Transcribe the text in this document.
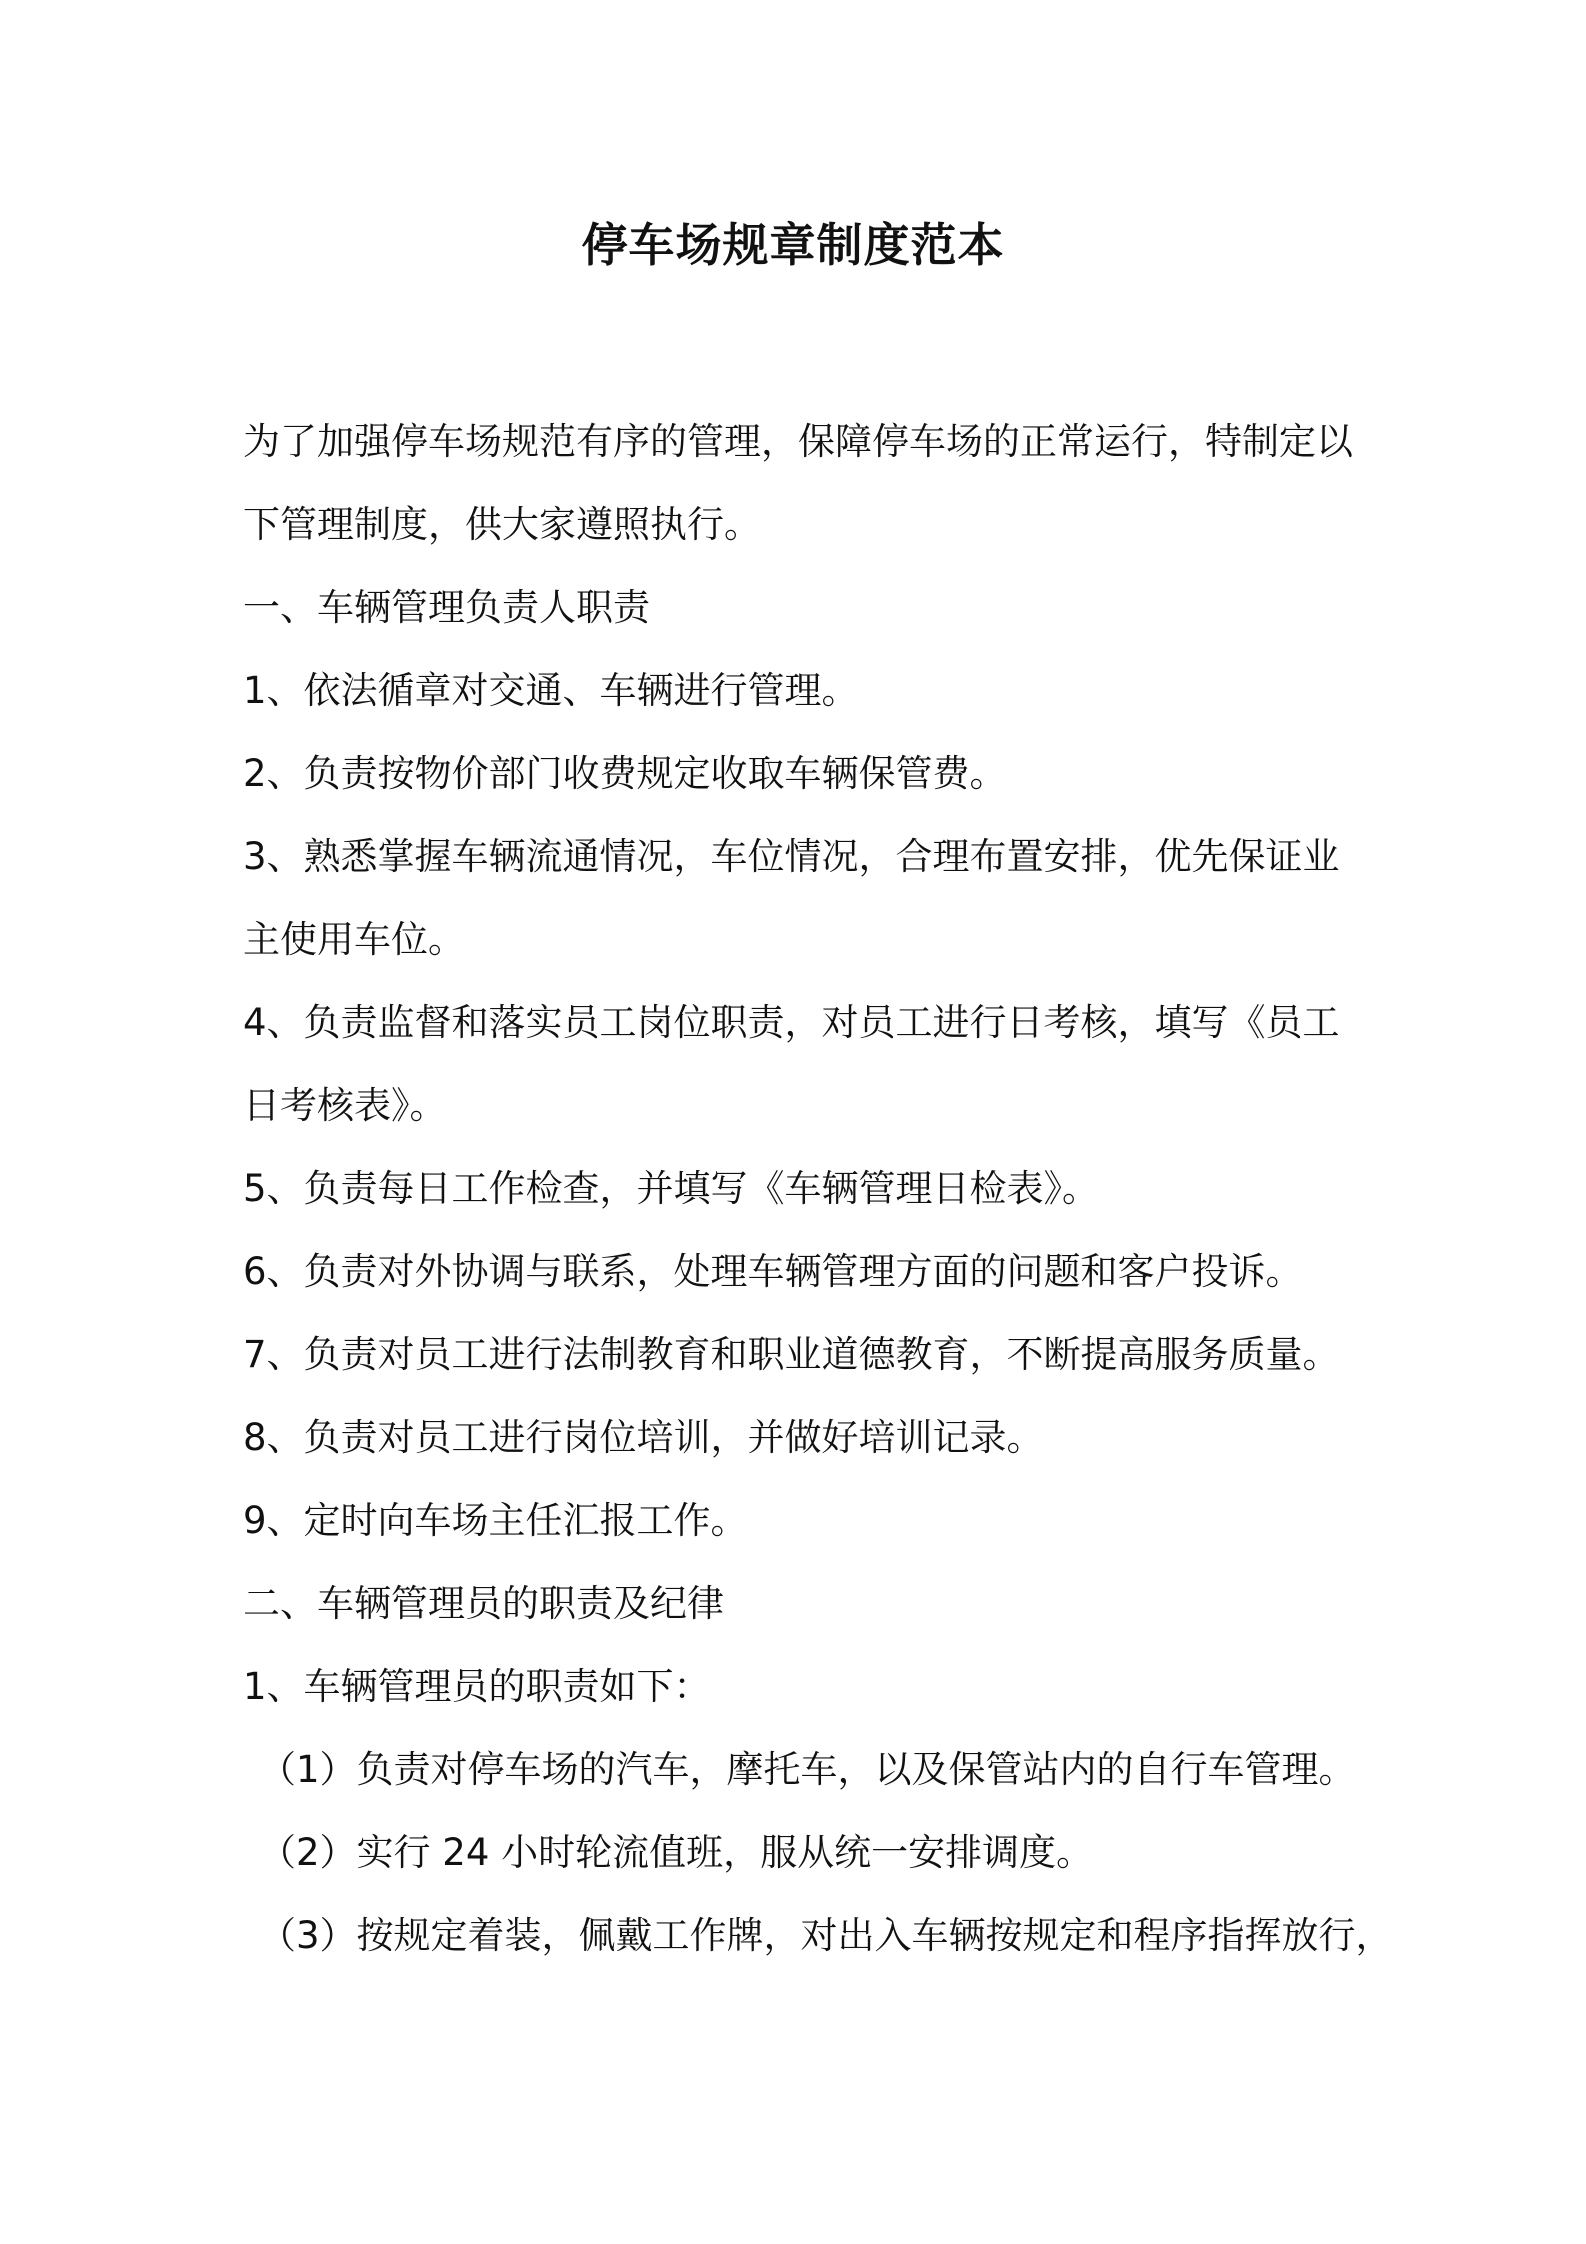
停车场规章制度范本
为了加强停车场规范有序的管理，保障停车场的正常运行，特制定以
下管理制度，供大家遵照执行。
一、车辆管理负责人职责
1、依法循章对交通、车辆进行管理。
2、负责按物价部门收费规定收取车辆保管费。
3、熟悉掌握车辆流通情况，车位情况，合理布置安排，优先保证业
主使用车位。
4、负责监督和落实员工岗位职责，对员工进行日考核，填写《员工
日考核表》。
5、负责每日工作检查，并填写《车辆管理日检表》。
6、负责对外协调与联系，处理车辆管理方面的问题和客户投诉。
7、负责对员工进行法制教育和职业道德教育，不断提高服务质量。
8、负责对员工进行岗位培训，并做好培训记录。
9、定时向车场主任汇报工作。
二、车辆管理员的职责及纪律
1、车辆管理员的职责如下：
（1）负责对停车场的汽车，摩托车，以及保管站内的自行车管理。
（2）实行 24 小时轮流值班，服从统一安排调度。
（3）按规定着装，佩戴工作牌，对出入车辆按规定和程序指挥放行，
